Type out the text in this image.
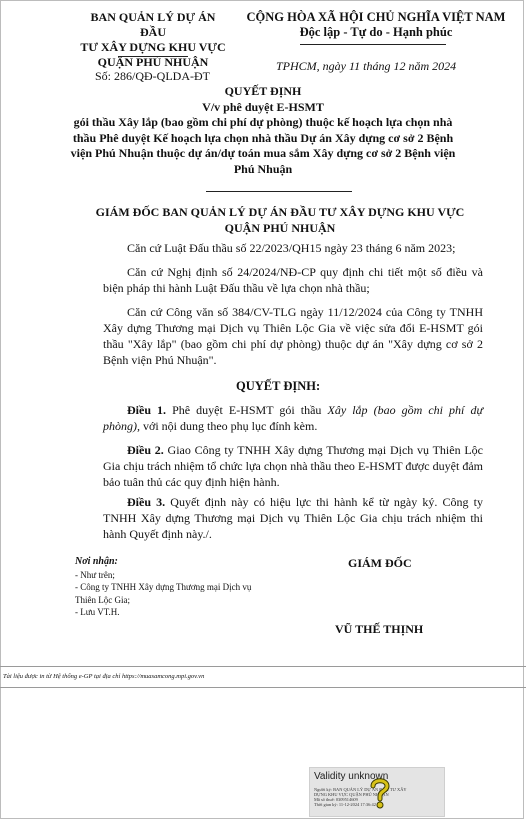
BAN QUẢN LÝ DỰ ÁN ĐẦU
TƯ XÂY DỰNG KHU VỰC
QUẬN PHÚ NHUẬN
CỘNG HÒA XÃ HỘI CHỦ NGHĨA VIỆT NAM
Độc lập - Tự do - Hạnh phúc
Số: 286/QĐ-QLDA-ĐT
TPHCM, ngày 11 tháng 12 năm 2024
QUYẾT ĐỊNH
V/v phê duyệt E-HSMT
gói thầu Xây lắp (bao gồm chi phí dự phòng) thuộc kế hoạch lựa chọn nhà
thầu Phê duyệt Kế hoạch lựa chọn nhà thầu Dự án Xây dựng cơ sở 2 Bệnh
viện Phú Nhuận thuộc dự án/dự toán mua sắm Xây dựng cơ sở 2 Bệnh viện
Phú Nhuận
GIÁM ĐỐC BAN QUẢN LÝ DỰ ÁN ĐẦU TƯ XÂY DỰNG KHU VỰC
QUẬN PHÚ NHUẬN
Căn cứ Luật Đấu thầu số 22/2023/QH15 ngày 23 tháng 6 năm 2023;
Căn cứ Nghị định số 24/2024/NĐ-CP quy định chi tiết một số điều và biện pháp thi hành Luật Đấu thầu về lựa chọn nhà thầu;
Căn cứ Công văn số 384/CV-TLG ngày 11/12/2024 của Công ty TNHH Xây dựng Thương mại Dịch vụ Thiên Lộc Gia về việc sửa đổi E-HSMT gói thầu "Xây lắp" (bao gồm chi phí dự phòng) thuộc dự án "Xây dựng cơ sở 2 Bệnh viện Phú Nhuận".
QUYẾT ĐỊNH:
Điều 1. Phê duyệt E-HSMT gói thầu Xây lắp (bao gồm chi phí dự phòng), với nội dung theo phụ lục đính kèm.
Điều 2. Giao Công ty TNHH Xây dựng Thương mại Dịch vụ Thiên Lộc Gia chịu trách nhiệm tổ chức lựa chọn nhà thầu theo E-HSMT được duyệt đảm bảo tuân thủ các quy định hiện hành.
Điều 3. Quyết định này có hiệu lực thi hành kể từ ngày ký. Công ty TNHH Xây dựng Thương mại Dịch vụ Thiên Lộc Gia chịu trách nhiệm thi hành Quyết định này./.
Nơi nhận:
- Như trên;
- Công ty TNHH Xây dựng Thương mại Dịch vụ
Thiên Lộc Gia;
- Lưu VT.H.
GIÁM ĐỐC
VŨ THẾ THỊNH
Tài liệu được in từ Hệ thống e-GP tại địa chỉ https://muasamcong.mpi.gov.vn
Validity unknown
Người ký: BAN QUẢN LÝ DỰ ÁN ĐẦU TƯ XÂY
DỰNG KHU VỰC QUẬN PHÚ NHUẬN
Mã số thuế: 0309514609
Thời gian ký: 11-12-2024 17:36:42
